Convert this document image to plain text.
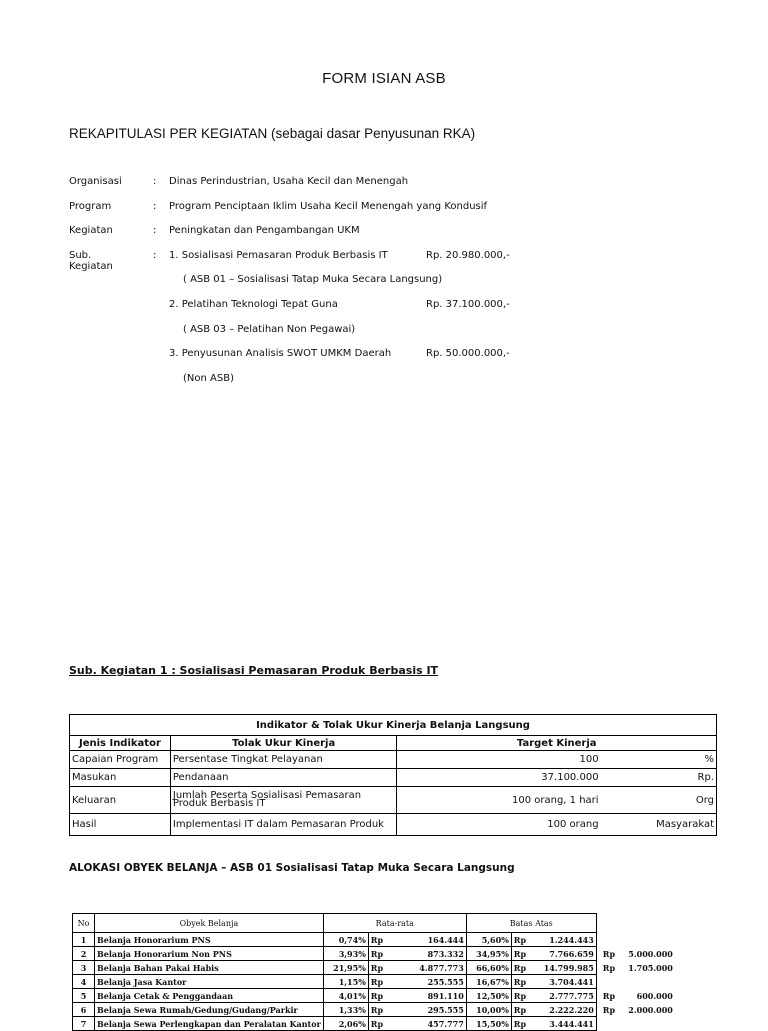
FORM ISIAN ASB
REKAPITULASI PER KEGIATAN (sebagai dasar Penyusunan RKA)
Organisasi	: Dinas Perindustrian, Usaha Kecil dan Menengah
Program	: Program Penciptaan Iklim Usaha Kecil Menengah yang Kondusif
Kegiatan	: Peningkatan dan Pengambangan UKM
Sub. Kegiatan
: 1. Sosialisasi Pemasaran Produk Berbasis IT	Rp. 20.980.000,-
( ASB 01 – Sosialisasi Tatap Muka Secara Langsung)
2. Pelatihan Teknologi Tepat Guna	Rp. 37.100.000,-
( ASB 03 – Pelatihan Non Pegawai)
3. Penyusunan Analisis SWOT UMKM Daerah	Rp. 50.000.000,-
(Non ASB)
Sub. Kegiatan 1 : Sosialisasi Pemasaran Produk Berbasis IT
Indikator & Tolak Ukur Kinerja Belanja Langsung			
Jenis Indikator	Tolak Ukur Kinerja	Target Kinerja	
Capaian Program	Persentase Tingkat Pelayanan	100	%
Masukan	Pendanaan	37.100.000	Rp.
Keluaran	Jumlah Peserta Sosialisasi Pemasaran Produk Berbasis IT	100 orang, 1 hari	Org
Hasil	Implementasi IT dalam Pemasaran Produk	100 orang	Masyarakat
ALOKASI OBYEK BELANJA – ASB 01 Sosialisasi Tatap Muka Secara Langsung
No	Obyek Belanja	Rata-rata			Batas Atas				
1	Belanja Honorarium PNS	0,74%	Rp	164.444	5,60%	Rp	1.244.443		
2	Belanja Honorarium Non PNS	3,93%	Rp	873.332	34,95%	Rp	7.766.659	Rp	5.000.000
3	Belanja Bahan Pakai Habis	21,95%	Rp	4.877.773	66,60%	Rp	14.799.985	Rp	1.705.000
4	Belanja Jasa Kantor	1,15%	Rp	255.555	16,67%	Rp	3.704.441		
5	Belanja Cetak & Penggandaan	4,01%	Rp	891.110	12,50%	Rp	2.777.775	Rp	600.000
6	Belanja Sewa Rumah/Gedung/Gudang/Parkir	1,33%	Rp	295.555	10,00%	Rp	2.222.220	Rp	2.000.000
7	Belanja Sewa Perlengkapan dan Peralatan Kantor	2,06%	Rp	457.777	15,50%	Rp	3.444.441		
